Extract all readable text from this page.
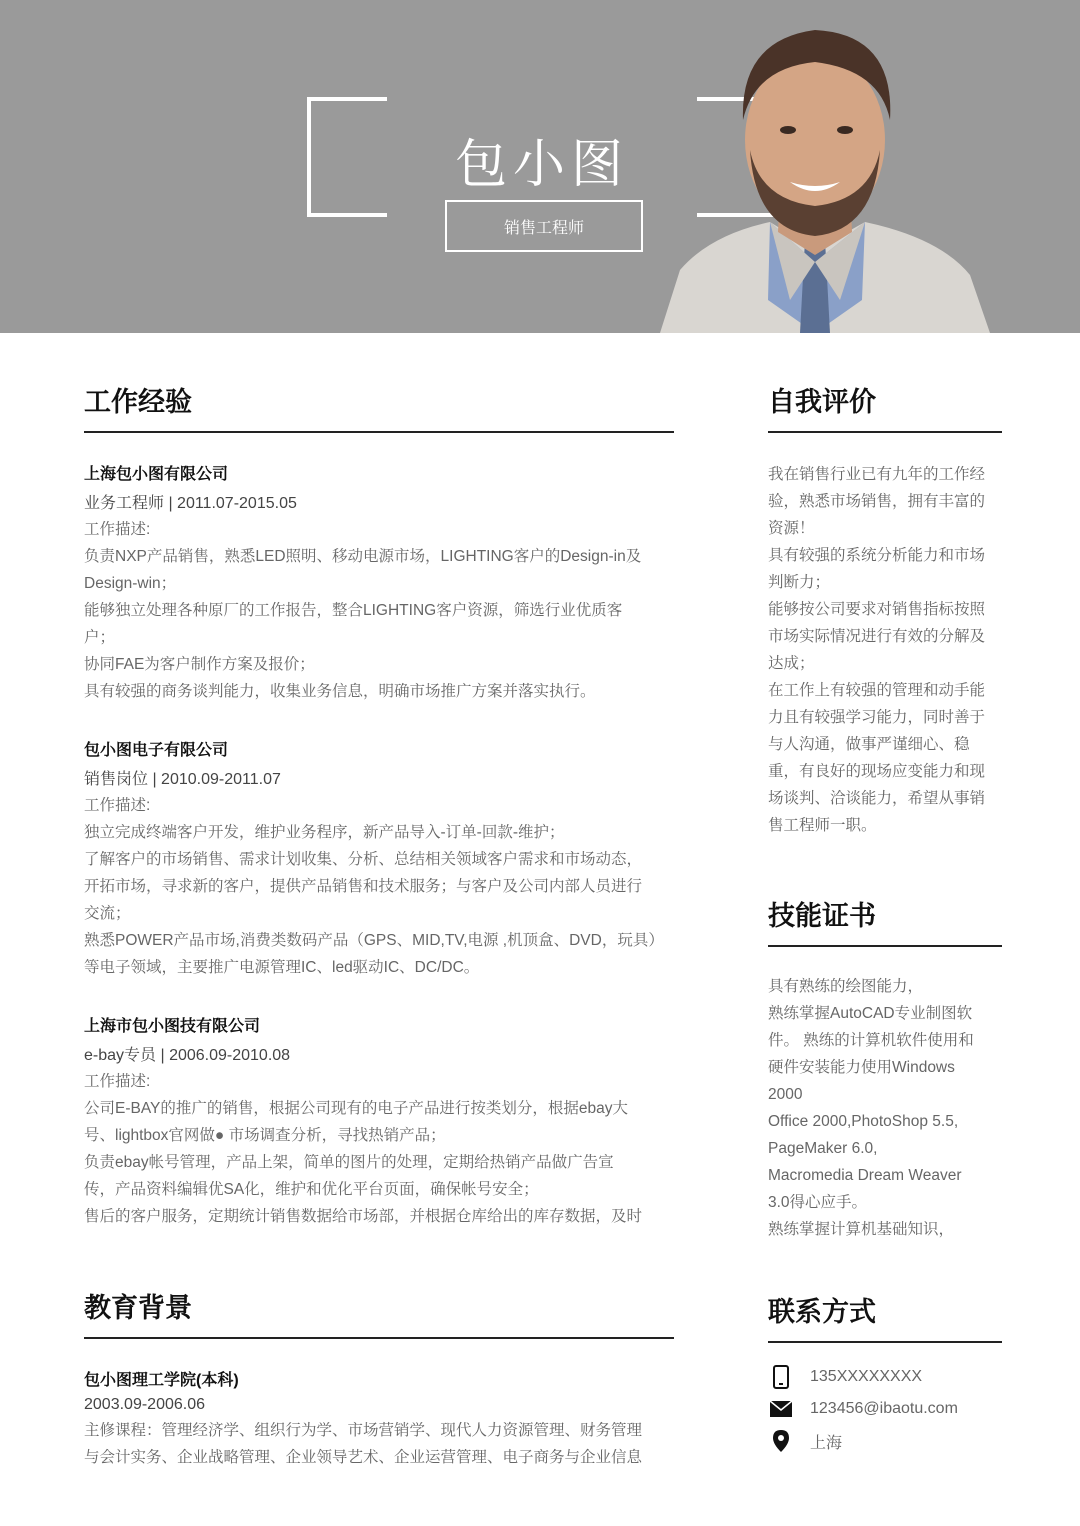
包小图
销售工程师
工作经验

上海包小图有限公司

业务工程师 | 2011.07-2015.05

工作描述:

负责NXP产品销售，熟悉LED照明、移动电源市场，LIGHTING客户的Design-in及

Design-win；

能够独立处理各种原厂的工作报告，整合LIGHTING客户资源，筛选行业优质客

户；

协同FAE为客户制作方案及报价；

具有较强的商务谈判能力，收集业务信息，明确市场推广方案并落实执行。

包小图电子有限公司

销售岗位 | 2010.09-2011.07

工作描述:

独立完成终端客户开发，维护业务程序，新产品导入-订单-回款-维护；

了解客户的市场销售、需求计划收集、分析、总结相关领域客户需求和市场动态，

开拓市场，寻求新的客户，提供产品销售和技术服务；与客户及公司内部人员进行

交流；

熟悉POWER产品市场,消费类数码产品（GPS、MID,TV,电源 ,机顶盒、DVD，玩具）

等电子领域，主要推广电源管理IC、led驱动IC、DC/DC。

上海市包小图技有限公司

e-bay专员 | 2006.09-2010.08

工作描述:

公司E-BAY的推广的销售，根据公司现有的电子产品进行按类划分，根据ebay大

号、lightbox官网做● 市场调查分析，寻找热销产品；

负责ebay帐号管理，产品上架，简单的图片的处理，定期给热销产品做广告宣

传，产品资料编辑优SA化，维护和优化平台页面，确保帐号安全；

售后的客户服务，定期统计销售数据给市场部，并根据仓库给出的库存数据，及时

教育背景

包小图理工学院(本科)

2003.09-2006.06

主修课程：管理经济学、组织行为学、市场营销学、现代人力资源管理、财务管理

与会计实务、企业战略管理、企业领导艺术、企业运营管理、电子商务与企业信息

自我评价

我在销售行业已有九年的工作经

验，熟悉市场销售，拥有丰富的

资源！

具有较强的系统分析能力和市场

判断力；

能够按公司要求对销售指标按照

市场实际情况进行有效的分解及

达成；

在工作上有较强的管理和动手能

力且有较强学习能力，同时善于

与人沟通，做事严谨细心、稳

重，有良好的现场应变能力和现

场谈判、洽谈能力，希望从事销

售工程师一职。

技能证书

具有熟练的绘图能力，

熟练掌握AutoCAD专业制图软

件。 熟练的计算机软件使用和

硬件安装能力使用Windows

2000

Office 2000,PhotoShop 5.5,

PageMaker 6.0,

Macromedia Dream Weaver

3.0得心应手。

熟练掌握计算机基础知识，

联系方式
135XXXXXXXX
123456@ibaotu.com
上海
